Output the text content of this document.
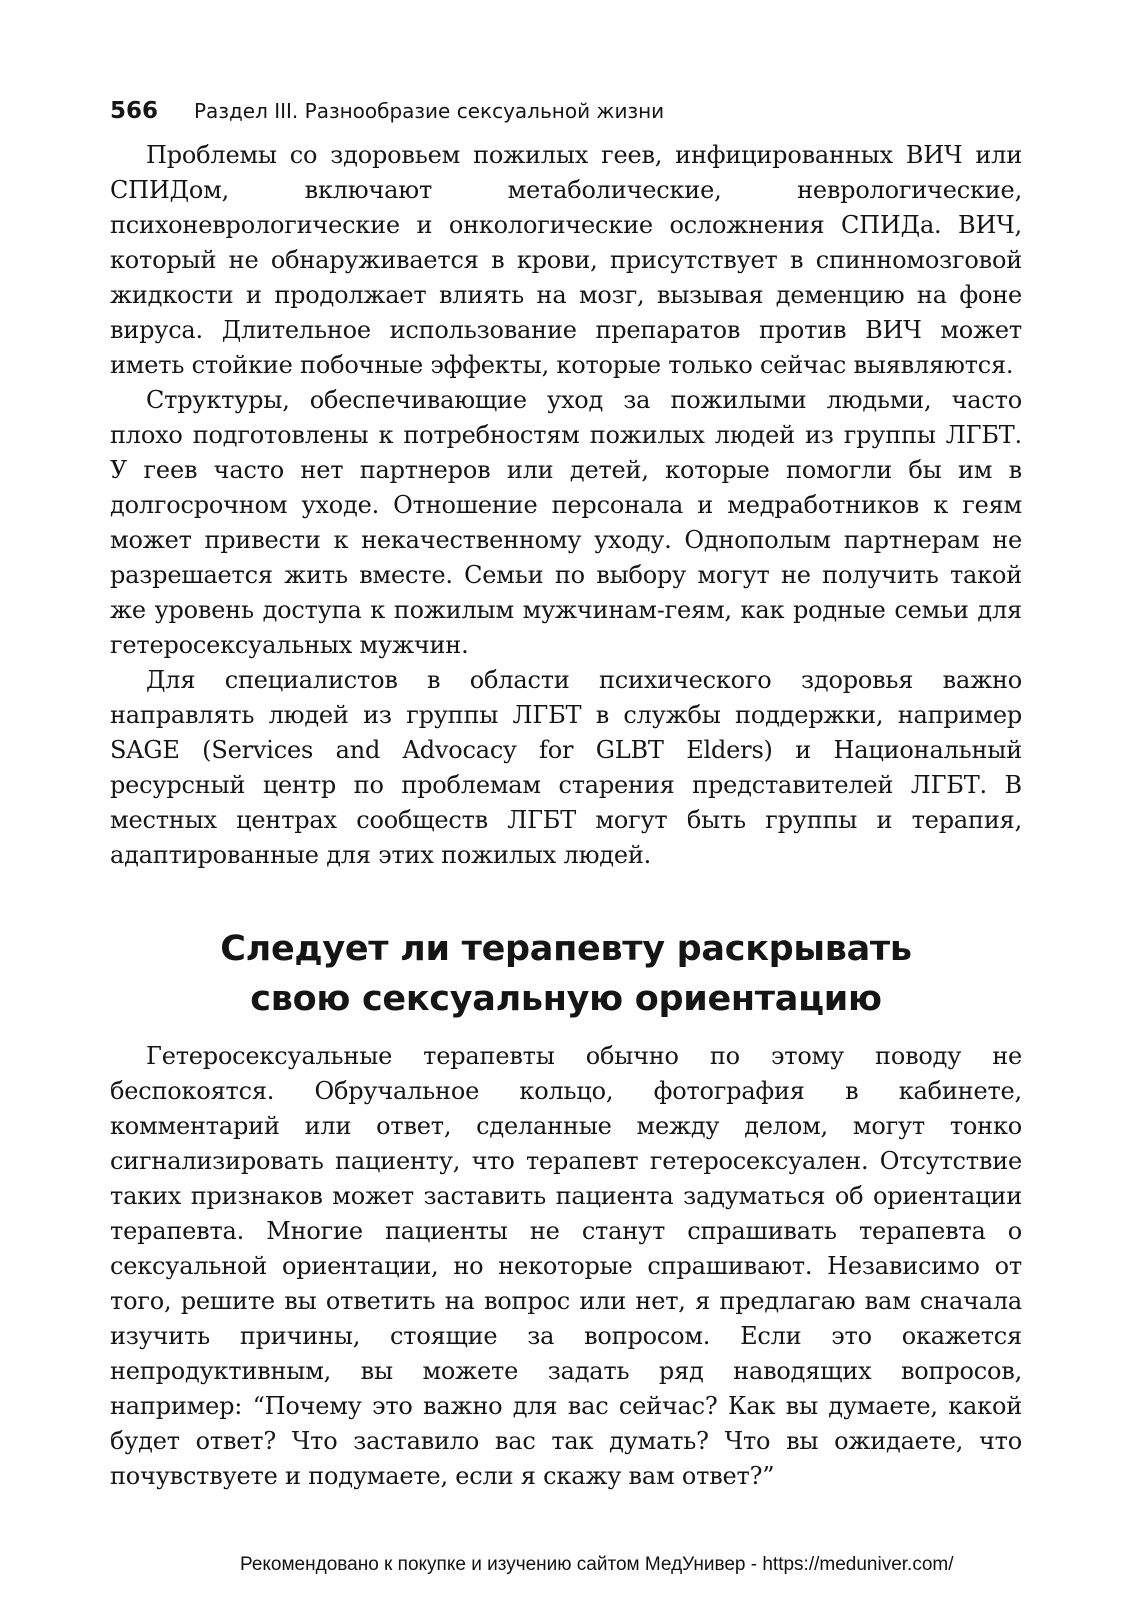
566	Раздел III. Разнообразие сексуальной жизни

Проблемы со здоровьем пожилых геев, инфицированных ВИЧ или СПИДом, включают метаболические, неврологические, психоневрологические и онкологические осложнения СПИДа. ВИЧ, который не обнаруживается в крови, присутствует в спинномозговой жидкости и продолжает влиять на мозг, вызывая деменцию на фоне вируса. Длительное использование препаратов против ВИЧ может иметь стойкие побочные эффекты, которые только сейчас выявляются.

Структуры, обеспечивающие уход за пожилыми людьми, часто плохо подготовлены к потребностям пожилых людей из группы ЛГБТ. У геев часто нет партнеров или детей, которые помогли бы им в долгосрочном уходе. Отношение персонала и медработников к геям может привести к некачественному уходу. Однополым партнерам не разрешается жить вместе. Семьи по выбору могут не получить такой же уровень доступа к пожилым мужчинам-геям, как родные семьи для гетеросексуальных мужчин.

Для специалистов в области психического здоровья важно направлять людей из группы ЛГБТ в службы поддержки, например SAGE (Services and Advocacy for GLBT Elders) и Национальный ресурсный центр по проблемам старения представителей ЛГБТ. В местных центрах сообществ ЛГБТ могут быть группы и терапия, адаптированные для этих пожилых людей.

Следует ли терапевту раскрывать
свою сексуальную ориентацию

Гетеросексуальные терапевты обычно по этому поводу не беспокоятся. Обручальное кольцо, фотография в кабинете, комментарий или ответ, сделанные между делом, могут тонко сигнализировать пациенту, что терапевт гетеросексуален. Отсутствие таких признаков может заставить пациента задуматься об ориентации терапевта. Многие пациенты не станут спрашивать терапевта о сексуальной ориентации, но некоторые спрашивают. Независимо от того, решите вы ответить на вопрос или нет, я предлагаю вам сначала изучить причины, стоящие за вопросом. Если это окажется непродуктивным, вы можете задать ряд наводящих вопросов, например: “Почему это важно для вас сейчас? Как вы думаете, какой будет ответ? Что заставило вас так думать? Что вы ожидаете, что почувствуете и подумаете, если я скажу вам ответ?”

Рекомендовано к покупке и изучению сайтом МедУнивер - https://meduniver.com/
